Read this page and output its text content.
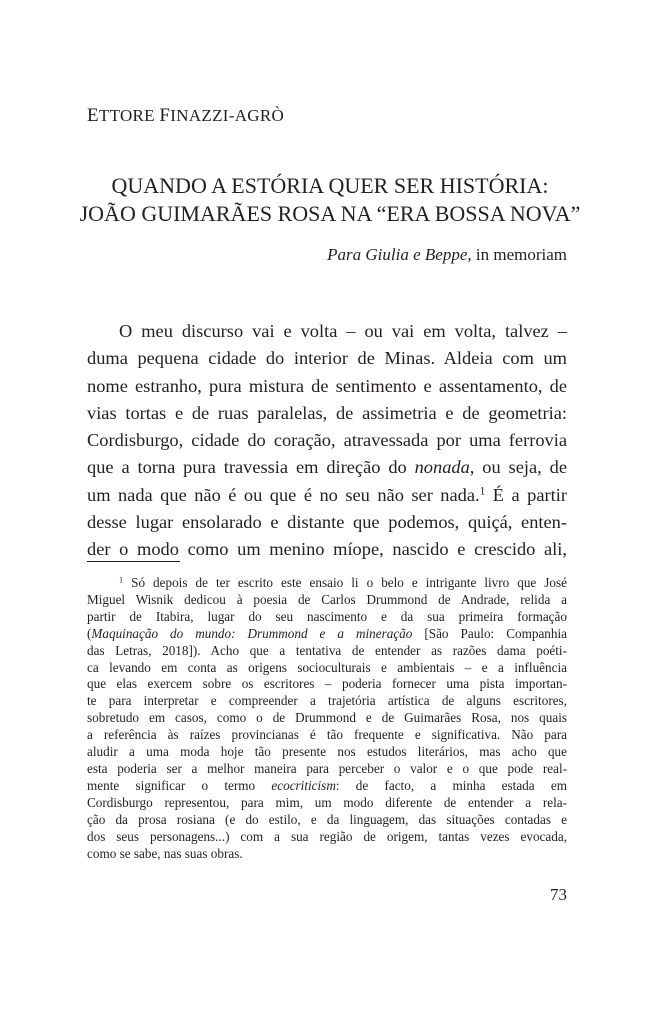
ETTORE FINAZZI-AGRÒ
QUANDO A ESTÓRIA QUER SER HISTÓRIA:
JOÃO GUIMARÃES ROSA NA “ERA BOSSA NOVA”
Para Giulia e Beppe, in memoriam
O meu discurso vai e volta – ou vai em volta, talvez –
duma pequena cidade do interior de Minas. Aldeia com um
nome estranho, pura mistura de sentimento e assentamento, de
vias tortas e de ruas paralelas, de assimetria e de geometria:
Cordisburgo, cidade do coração, atravessada por uma ferrovia
que a torna pura travessia em direção do nonada, ou seja, de
um nada que não é ou que é no seu não ser nada.$^1$ É a partir
desse lugar ensolarado e distante que podemos, quiçá, enten-
der o modo como um menino míope, nascido e crescido ali,
$^1$ Só depois de ter escrito este ensaio li o belo e intrigante livro que José
Miguel Wisnik dedicou à poesia de Carlos Drummond de Andrade, relida a
partir de Itabira, lugar do seu nascimento e da sua primeira formação
(Maquinação do mundo: Drummond e a mineração [São Paulo: Companhia
das Letras, 2018]). Acho que a tentativa de entender as razões dama poéti-
ca levando em conta as origens socioculturais e ambientais – e a influência
que elas exercem sobre os escritores – poderia fornecer uma pista importan-
te para interpretar e compreender a trajetória artística de alguns escritores,
sobretudo em casos, como o de Drummond e de Guimarães Rosa, nos quais
a referência às raízes provincianas é tão frequente e significativa. Não para
aludir a uma moda hoje tão presente nos estudos literários, mas acho que
esta poderia ser a melhor maneira para perceber o valor e o que pode real-
mente significar o termo ecocriticism: de facto, a minha estada em
Cordisburgo representou, para mim, um modo diferente de entender a rela-
ção da prosa rosiana (e do estilo, e da linguagem, das situações contadas e
dos seus personagens...) com a sua região de origem, tantas vezes evocada,
como se sabe, nas suas obras.
73
